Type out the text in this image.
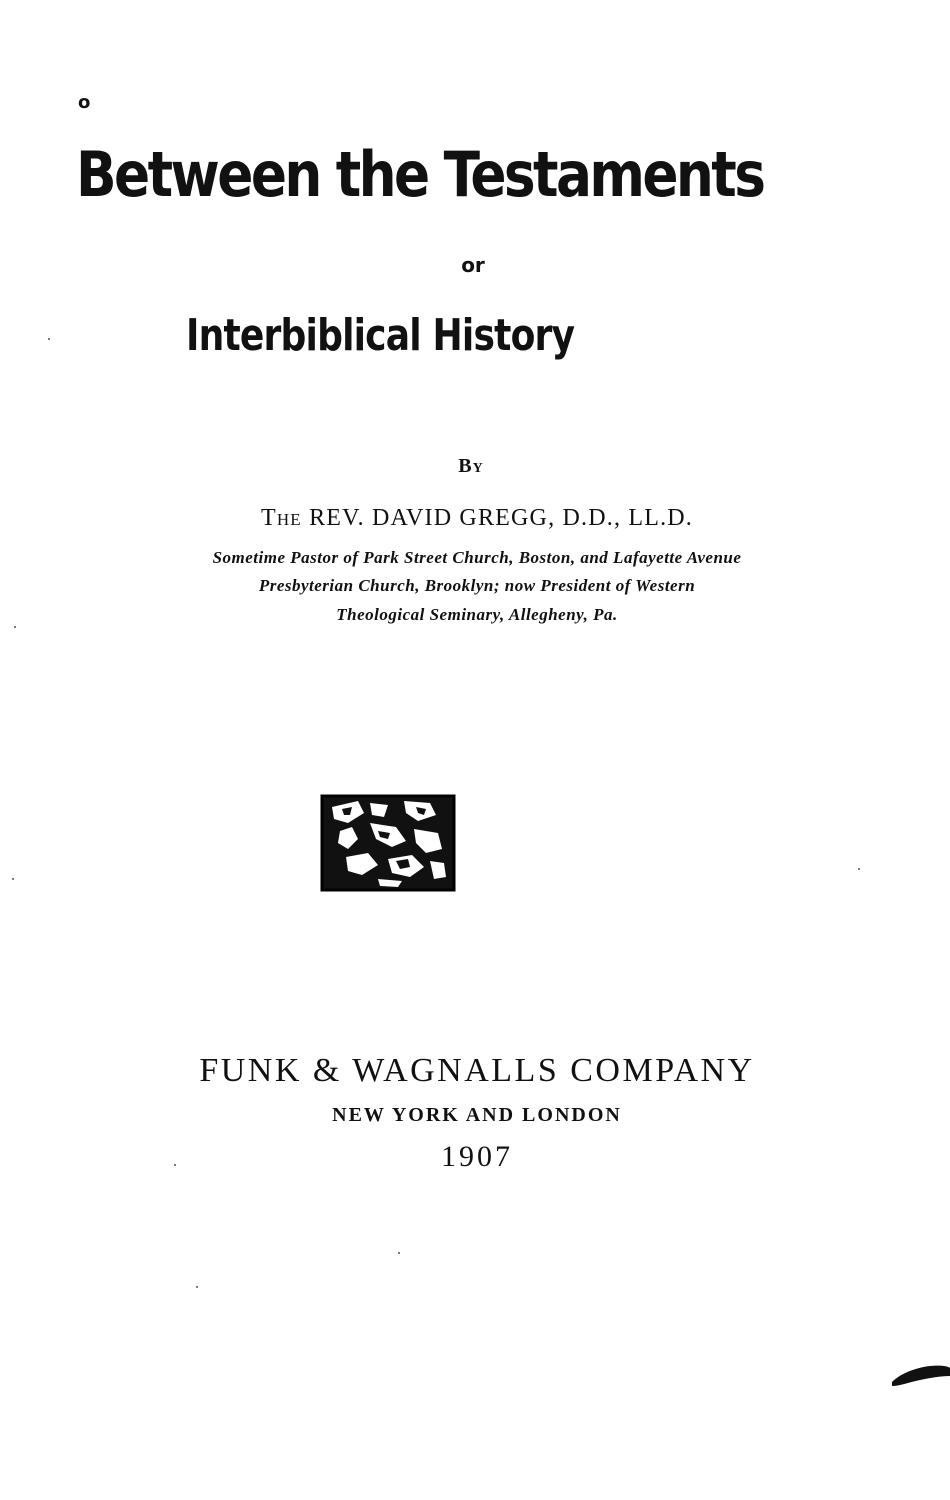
o
Between the Testaments
or
Interbiblical History
By
The REV. DAVID GREGG, D.D., LL.D.
Sometime Pastor of Park Street Church, Boston, and Lafayette Avenue
Presbyterian Church, Brooklyn; now President of Western
Theological Seminary, Allegheny, Pa.
FUNK & WAGNALLS COMPANY
NEW YORK AND LONDON
1907
